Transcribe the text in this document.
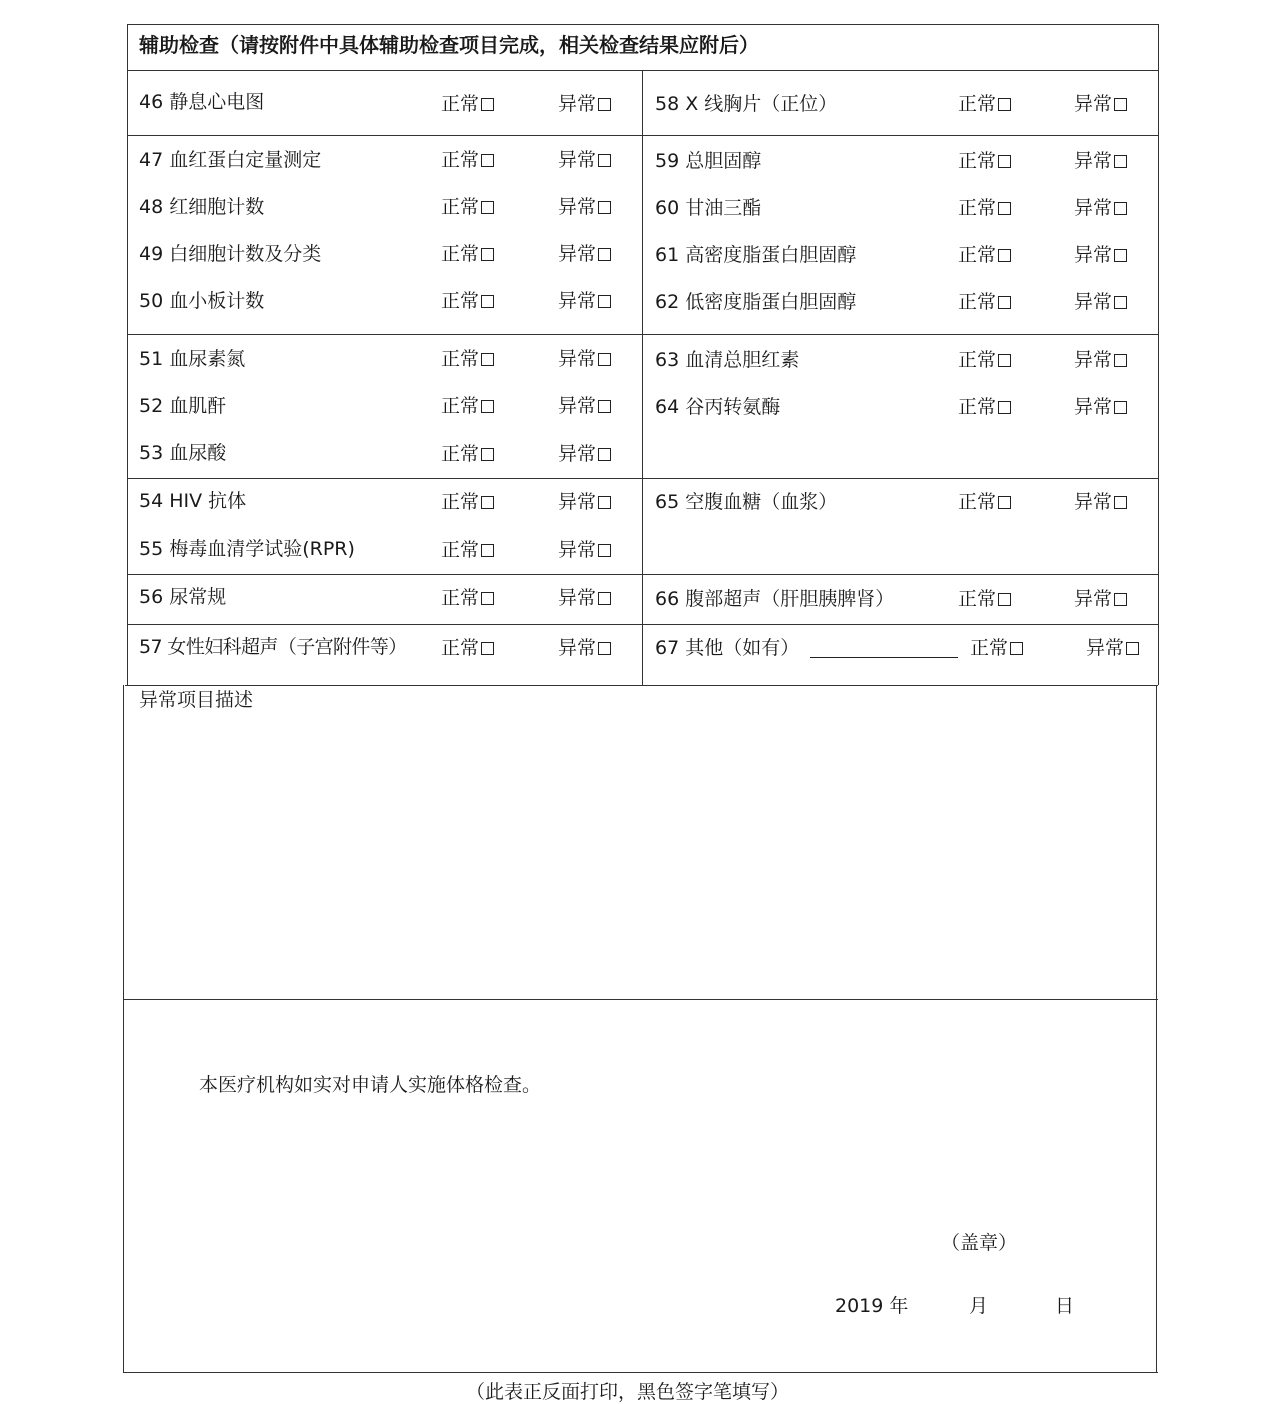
辅助检查（请按附件中具体辅助检查项目完成，相关检查结果应附后）
46 静息心电图	正常	异常
47 血红蛋白定量测定	正常	异常
48 红细胞计数	正常	异常
49 白细胞计数及分类	正常	异常
50 血小板计数	正常	异常
51 血尿素氮	正常	异常
52 血肌酐	正常	异常
53 血尿酸	正常	异常
54 HIV 抗体	正常	异常
55 梅毒血清学试验(RPR)	正常	异常
56 尿常规	正常	异常
57 女性妇科超声（子宫附件等） 正常	异常
58 X 线胸片（正位）	正常	异常
59 总胆固醇	正常	异常
60 甘油三酯	正常	异常
61 高密度脂蛋白胆固醇	正常	异常
62 低密度脂蛋白胆固醇	正常	异常
63 血清总胆红素	正常	异常
64 谷丙转氨酶	正常	异常
65 空腹血糖（血浆）	正常	异常
66 腹部超声（肝胆胰脾肾）	正常	异常
67 其他（如有）	正常	异常
异常项目描述
本医疗机构如实对申请人实施体格检查。
（盖章）
2019 年	月	日
（此表正反面打印，黑色签字笔填写）
